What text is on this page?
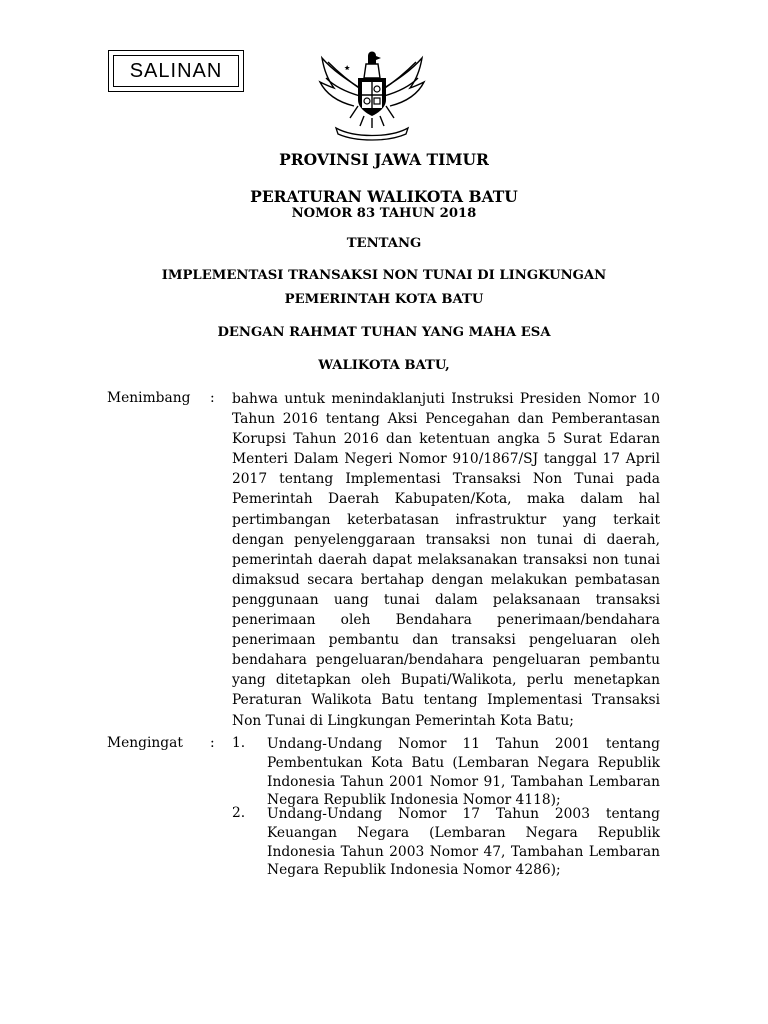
SALINAN
PROVINSI JAWA TIMUR
PERATURAN WALIKOTA BATU
NOMOR 83 TAHUN 2018
TENTANG
IMPLEMENTASI TRANSAKSI NON TUNAI DI LINGKUNGAN
PEMERINTAH KOTA BATU
DENGAN RAHMAT TUHAN YANG MAHA ESA
WALIKOTA BATU,
Menimbang : bahwa untuk menindaklanjuti Instruksi Presiden Nomor 10 Tahun 2016 tentang Aksi Pencegahan dan Pemberantasan Korupsi Tahun 2016 dan ketentuan angka 5 Surat Edaran Menteri Dalam Negeri Nomor 910/1867/SJ tanggal 17 April 2017 tentang Implementasi Transaksi Non Tunai pada Pemerintah Daerah Kabupaten/Kota, maka dalam hal pertimbangan keterbatasan infrastruktur yang terkait dengan penyelenggaraan transaksi non tunai di daerah, pemerintah daerah dapat melaksanakan transaksi non tunai dimaksud secara bertahap dengan melakukan pembatasan penggunaan uang tunai dalam pelaksanaan transaksi penerimaan oleh Bendahara penerimaan/bendahara penerimaan pembantu dan transaksi pengeluaran oleh bendahara pengeluaran/bendahara pengeluaran pembantu yang ditetapkan oleh Bupati/Walikota, perlu menetapkan Peraturan Walikota Batu tentang Implementasi Transaksi Non Tunai di Lingkungan Pemerintah Kota Batu;
Mengingat : 1. Undang-Undang Nomor 11 Tahun 2001 tentang Pembentukan Kota Batu (Lembaran Negara Republik Indonesia Tahun 2001 Nomor 91, Tambahan Lembaran Negara Republik Indonesia Nomor 4118);
2. Undang-Undang Nomor 17 Tahun 2003 tentang Keuangan Negara (Lembaran Negara Republik Indonesia Tahun 2003 Nomor 47, Tambahan Lembaran Negara Republik Indonesia Nomor 4286);
